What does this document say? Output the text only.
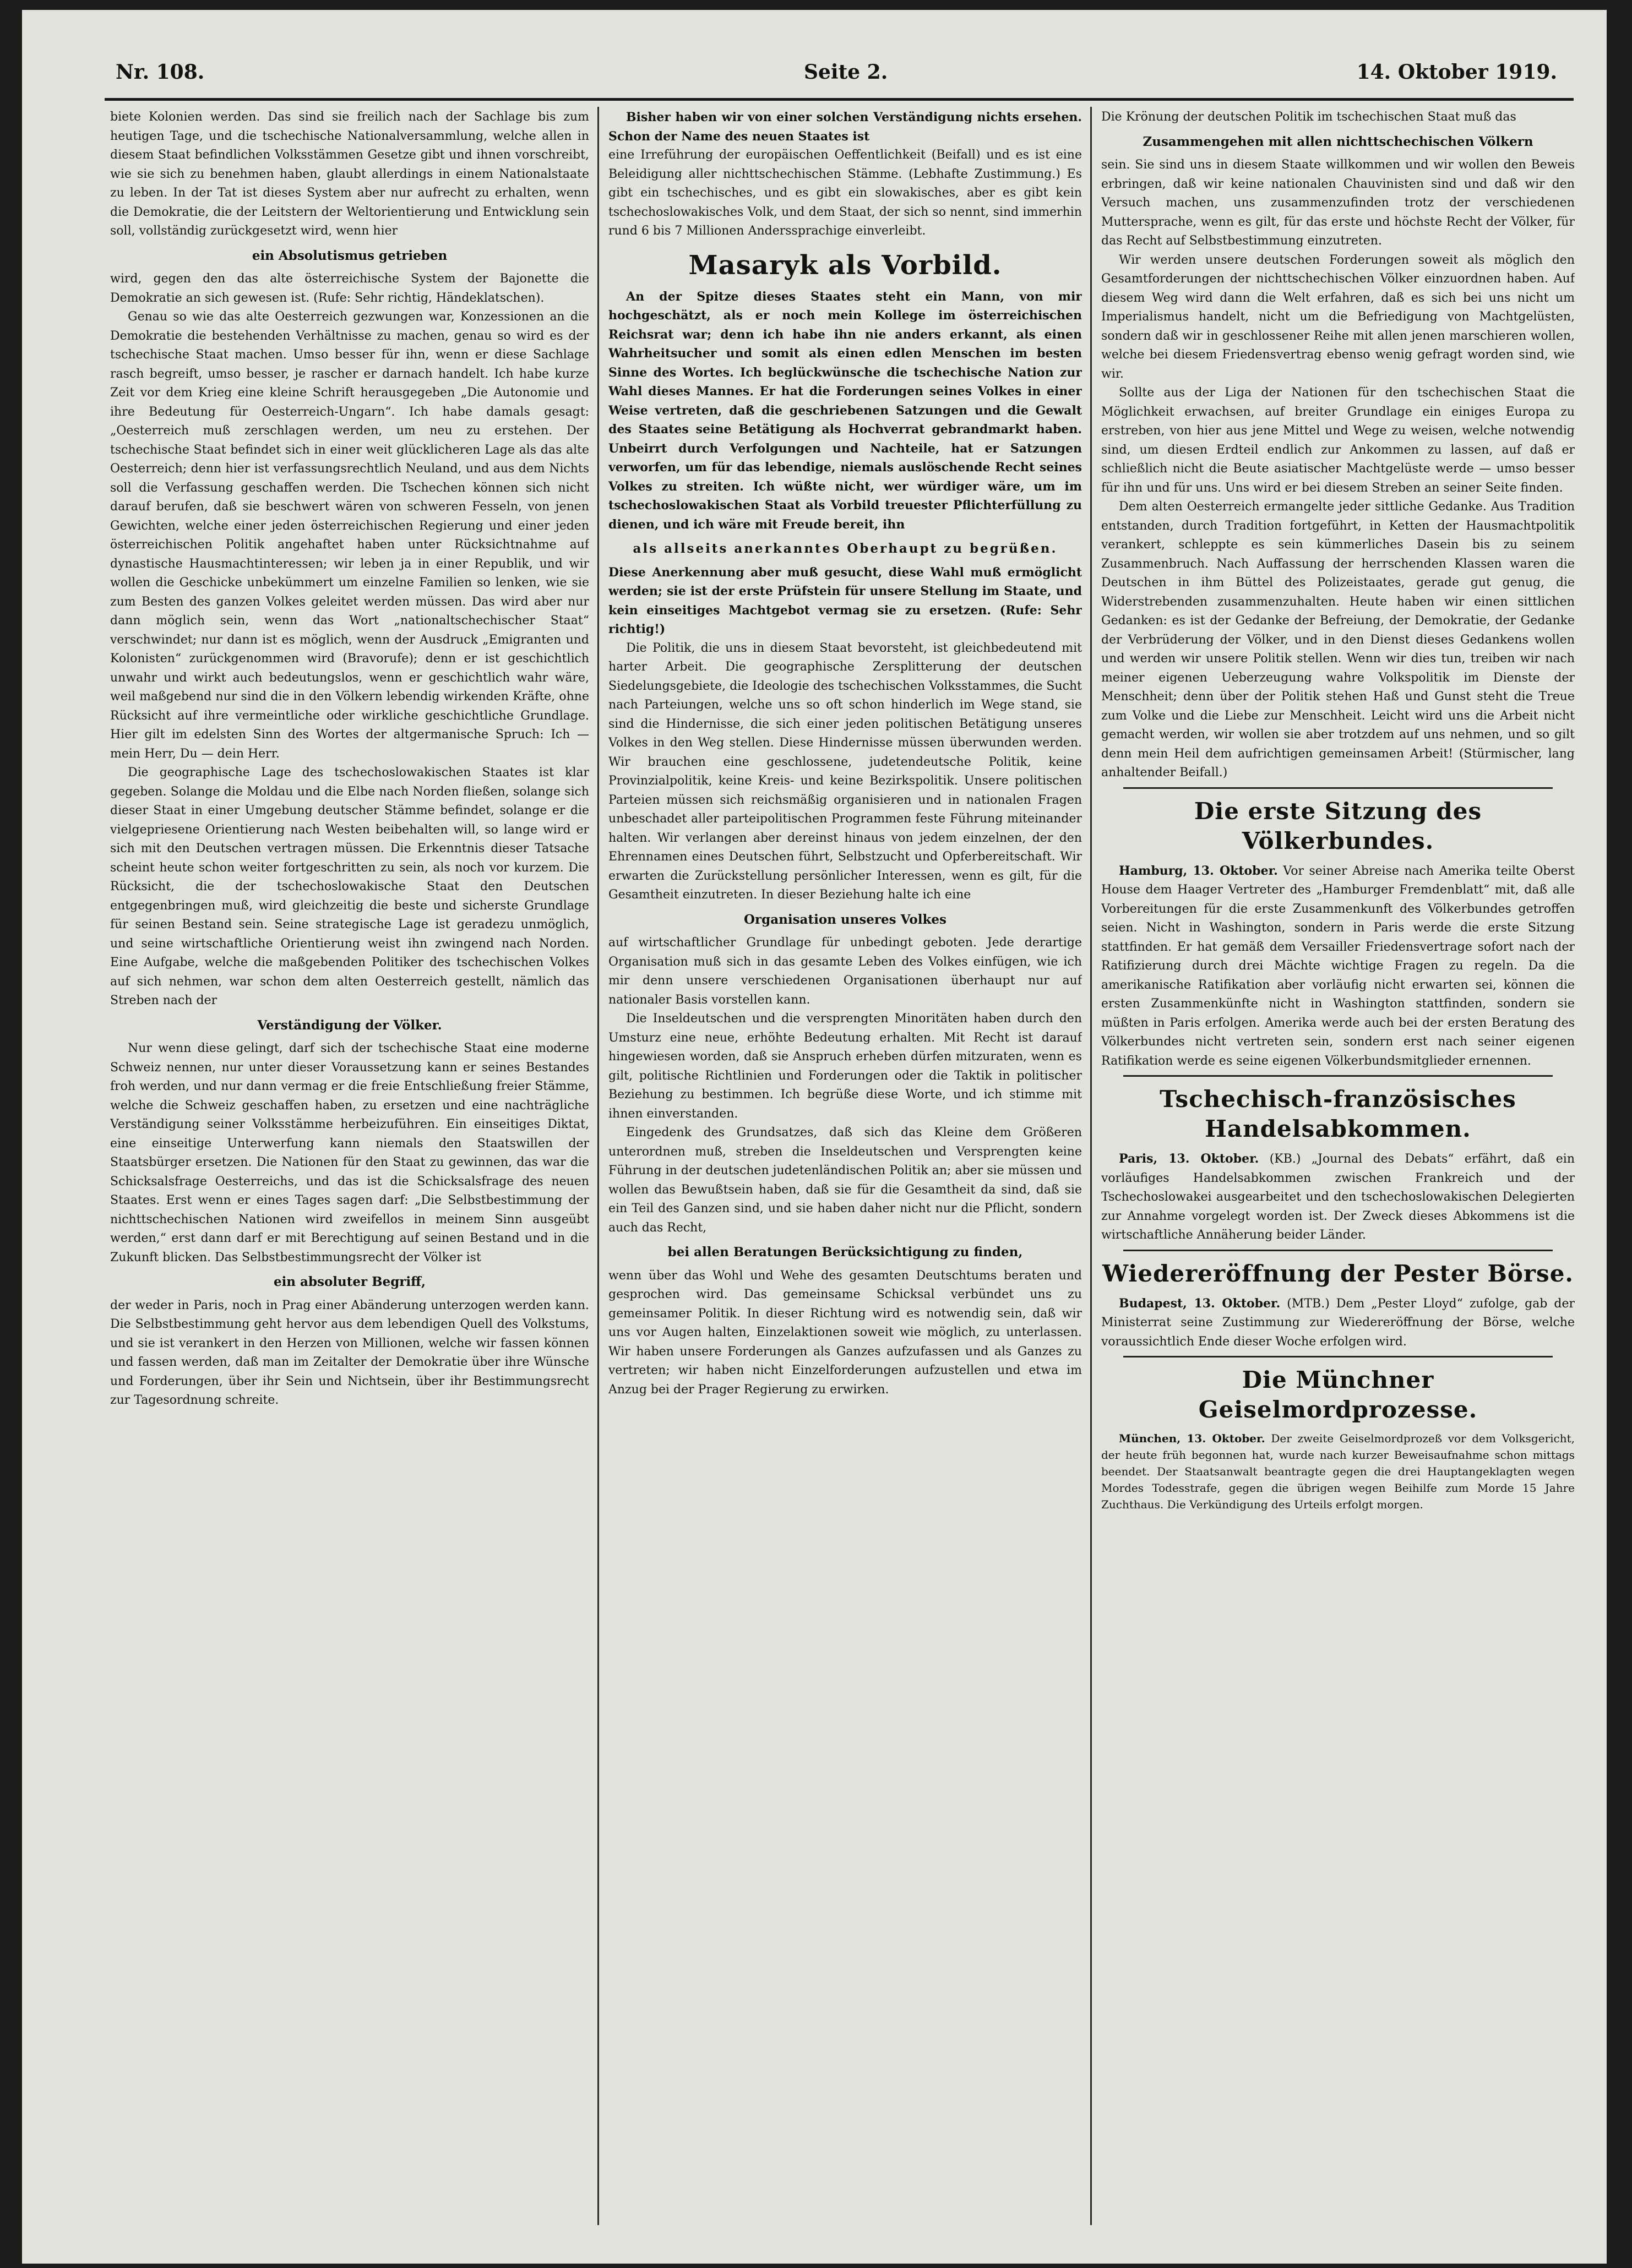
Nr. 108.	Seite 2.	14. Oktober 1919.

biete Kolonien werden. Das sind sie freilich nach der Sachlage bis zum heutigen Tage, und die tschechische Nationalversammlung, welche allen in diesem Staat befindlichen Volksstämmen Gesetze gibt und ihnen vorschreibt, wie sie sich zu benehmen haben, glaubt allerdings in einem Nationalstaate zu leben. In der Tat ist dieses System aber nur aufrecht zu erhalten, wenn die Demokratie, die der Leitstern der Weltorientierung und Entwicklung sein soll, vollständig zurückgesetzt wird, wenn hier

ein Absolutismus getrieben

wird, gegen den das alte österreichische System der Bajonette die Demokratie an sich gewesen ist. (Rufe: Sehr richtig, Händeklatschen).

Genau so wie das alte Oesterreich gezwungen war, Konzessionen an die Demokratie die bestehenden Verhältnisse zu machen, genau so wird es der tschechische Staat machen. Umso besser für ihn, wenn er diese Sachlage rasch begreift, umso besser, je rascher er darnach handelt. Ich habe kurze Zeit vor dem Krieg eine kleine Schrift herausgegeben „Die Autonomie und ihre Bedeutung für Oesterreich-Ungarn“. Ich habe damals gesagt: „Oesterreich muß zerschlagen werden, um neu zu erstehen. Der tschechische Staat befindet sich in einer weit glücklicheren Lage als das alte Oesterreich; denn hier ist verfassungsrechtlich Neuland, und aus dem Nichts soll die Verfassung geschaffen werden. Die Tschechen können sich nicht darauf berufen, daß sie beschwert wären von schweren Fesseln, von jenen Gewichten, welche einer jeden österreichischen Regierung und einer jeden österreichischen Politik angehaftet haben unter Rücksichtnahme auf dynastische Hausmachtinteressen; wir leben ja in einer Republik, und wir wollen die Geschicke unbekümmert um einzelne Familien so lenken, wie sie zum Besten des ganzen Volkes geleitet werden müssen. Das wird aber nur dann möglich sein, wenn das Wort „nationaltschechischer Staat“ verschwindet; nur dann ist es möglich, wenn der Ausdruck „Emigranten und Kolonisten“ zurückgenommen wird (Bravorufe); denn er ist geschichtlich unwahr und wirkt auch bedeutungslos, wenn er geschichtlich wahr wäre, weil maßgebend nur sind die in den Völkern lebendig wirkenden Kräfte, ohne Rücksicht auf ihre vermeintliche oder wirkliche geschichtliche Grundlage. Hier gilt im edelsten Sinn des Wortes der altgermanische Spruch: Ich — mein Herr, Du — dein Herr.

Die geographische Lage des tschechoslowakischen Staates ist klar gegeben. Solange die Moldau und die Elbe nach Norden fließen, solange sich dieser Staat in einer Umgebung deutscher Stämme befindet, solange er die vielgepriesene Orientierung nach Westen beibehalten will, so lange wird er sich mit den Deutschen vertragen müssen. Die Erkenntnis dieser Tatsache scheint heute schon weiter fortgeschritten zu sein, als noch vor kurzem. Die Rücksicht, die der tschechoslowakische Staat den Deutschen entgegenbringen muß, wird gleichzeitig die beste und sicherste Grundlage für seinen Bestand sein. Seine strategische Lage ist geradezu unmöglich, und seine wirtschaftliche Orientierung weist ihn zwingend nach Norden. Eine Aufgabe, welche die maßgebenden Politiker des tschechischen Volkes auf sich nehmen, war schon dem alten Oesterreich gestellt, nämlich das Streben nach der

Verständigung der Völker.

Nur wenn diese gelingt, darf sich der tschechische Staat eine moderne Schweiz nennen, nur unter dieser Voraussetzung kann er seines Bestandes froh werden, und nur dann vermag er die freie Entschließung freier Stämme, welche die Schweiz geschaffen haben, zu ersetzen und eine nachträgliche Verständigung seiner Volksstämme herbeizuführen. Ein einseitiges Diktat, eine einseitige Unterwerfung kann niemals den Staatswillen der Staatsbürger ersetzen. Die Nationen für den Staat zu gewinnen, das war die Schicksalsfrage Oesterreichs, und das ist die Schicksalsfrage des neuen Staates. Erst wenn er eines Tages sagen darf: „Die Selbstbestimmung der nichttschechischen Nationen wird zweifellos in meinem Sinn ausgeübt werden,“ erst dann darf er mit Berechtigung auf seinen Bestand und in die Zukunft blicken. Das Selbstbestimmungsrecht der Völker ist

ein absoluter Begriff,

der weder in Paris, noch in Prag einer Abänderung unterzogen werden kann. Die Selbstbestimmung geht hervor aus dem lebendigen Quell des Volkstums, und sie ist verankert in den Herzen von Millionen, welche wir fassen können und fassen werden, daß man im Zeitalter der Demokratie über ihre Wünsche und Forderungen, über ihr Sein und Nichtsein, über ihr Bestimmungsrecht zur Tagesordnung schreite.

Bisher haben wir von einer solchen Verständigung nichts ersehen. Schon der Name des neuen Staates ist

eine Irreführung der europäischen Oeffentlichkeit (Beifall) und es ist eine Beleidigung aller nichttschechischen Stämme. (Lebhafte Zustimmung.) Es gibt ein tschechisches, und es gibt ein slowakisches, aber es gibt kein tschechoslowakisches Volk, und dem Staat, der sich so nennt, sind immerhin rund 6 bis 7 Millionen Anderssprachige einverleibt.

Masaryk als Vorbild.

An der Spitze dieses Staates steht ein Mann, von mir hochgeschätzt, als er noch mein Kollege im österreichischen Reichsrat war; denn ich habe ihn nie anders erkannt, als einen Wahrheitsucher und somit als einen edlen Menschen im besten Sinne des Wortes. Ich beglückwünsche die tschechische Nation zur Wahl dieses Mannes. Er hat die Forderungen seines Volkes in einer Weise vertreten, daß die geschriebenen Satzungen und die Gewalt des Staates seine Betätigung als Hochverrat gebrandmarkt haben. Unbeirrt durch Verfolgungen und Nachteile, hat er Satzungen verworfen, um für das lebendige, niemals auslöschende Recht seines Volkes zu streiten. Ich wüßte nicht, wer würdiger wäre, um im tschechoslowakischen Staat als Vorbild treuester Pflichterfüllung zu dienen, und ich wäre mit Freude bereit, ihn

als allseits anerkanntes Oberhaupt zu begrüßen.

Diese Anerkennung aber muß gesucht, diese Wahl muß ermöglicht werden; sie ist der erste Prüfstein für unsere Stellung im Staate, und kein einseitiges Machtgebot vermag sie zu ersetzen. (Rufe: Sehr richtig!)

Die Politik, die uns in diesem Staat bevorsteht, ist gleichbedeutend mit harter Arbeit. Die geographische Zersplitterung der deutschen Siedelungsgebiete, die Ideologie des tschechischen Volksstammes, die Sucht nach Parteiungen, welche uns so oft schon hinderlich im Wege stand, sie sind die Hindernisse, die sich einer jeden politischen Betätigung unseres Volkes in den Weg stellen. Diese Hindernisse müssen überwunden werden. Wir brauchen eine geschlossene, judetendeutsche Politik, keine Provinzialpolitik, keine Kreis- und keine Bezirkspolitik. Unsere politischen Parteien müssen sich reichsmäßig organisieren und in nationalen Fragen unbeschadet aller parteipolitischen Programmen feste Führung miteinander halten. Wir verlangen aber dereinst hinaus von jedem einzelnen, der den Ehrennamen eines Deutschen führt, Selbstzucht und Opferbereitschaft. Wir erwarten die Zurückstellung persönlicher Interessen, wenn es gilt, für die Gesamtheit einzutreten. In dieser Beziehung halte ich eine

Organisation unseres Volkes

auf wirtschaftlicher Grundlage für unbedingt geboten. Jede derartige Organisation muß sich in das gesamte Leben des Volkes einfügen, wie ich mir denn unsere verschiedenen Organisationen überhaupt nur auf nationaler Basis vorstellen kann.

Die Inseldeutschen und die versprengten Minoritäten haben durch den Umsturz eine neue, erhöhte Bedeutung erhalten. Mit Recht ist darauf hingewiesen worden, daß sie Anspruch erheben dürfen mitzuraten, wenn es gilt, politische Richtlinien und Forderungen oder die Taktik in politischer Beziehung zu bestimmen. Ich begrüße diese Worte, und ich stimme mit ihnen einverstanden.

Eingedenk des Grundsatzes, daß sich das Kleine dem Größeren unterordnen muß, streben die Inseldeutschen und Versprengten keine Führung in der deutschen judetenländischen Politik an; aber sie müssen und wollen das Bewußtsein haben, daß sie für die Gesamtheit da sind, daß sie ein Teil des Ganzen sind, und sie haben daher nicht nur die Pflicht, sondern auch das Recht,

bei allen Beratungen Berücksichtigung zu finden,

wenn über das Wohl und Wehe des gesamten Deutschtums beraten und gesprochen wird. Das gemeinsame Schicksal verbündet uns zu gemeinsamer Politik. In dieser Richtung wird es notwendig sein, daß wir uns vor Augen halten, Einzelaktionen soweit wie möglich, zu unterlassen. Wir haben unsere Forderungen als Ganzes aufzufassen und als Ganzes zu vertreten; wir haben nicht Einzelforderungen aufzustellen und etwa im Anzug bei der Prager Regierung zu erwirken.

Die Krönung der deutschen Politik im tschechischen Staat muß das

Zusammengehen mit allen nichttschechischen Völkern

sein. Sie sind uns in diesem Staate willkommen und wir wollen den Beweis erbringen, daß wir keine nationalen Chauvinisten sind und daß wir den Versuch machen, uns zusammenzufinden trotz der verschiedenen Muttersprache, wenn es gilt, für das erste und höchste Recht der Völker, für das Recht auf Selbstbestimmung einzutreten.

Wir werden unsere deutschen Forderungen soweit als möglich den Gesamtforderungen der nichttschechischen Völker einzuordnen haben. Auf diesem Weg wird dann die Welt erfahren, daß es sich bei uns nicht um Imperialismus handelt, nicht um die Befriedigung von Machtgelüsten, sondern daß wir in geschlossener Reihe mit allen jenen marschieren wollen, welche bei diesem Friedensvertrag ebenso wenig gefragt worden sind, wie wir.

Sollte aus der Liga der Nationen für den tschechischen Staat die Möglichkeit erwachsen, auf breiter Grundlage ein einiges Europa zu erstreben, von hier aus jene Mittel und Wege zu weisen, welche notwendig sind, um diesen Erdteil endlich zur Ankommen zu lassen, auf daß er schließlich nicht die Beute asiatischer Machtgelüste werde — umso besser für ihn und für uns. Uns wird er bei diesem Streben an seiner Seite finden.

Dem alten Oesterreich ermangelte jeder sittliche Gedanke. Aus Tradition entstanden, durch Tradition fortgeführt, in Ketten der Hausmachtpolitik verankert, schleppte es sein kümmerliches Dasein bis zu seinem Zusammenbruch. Nach Auffassung der herrschenden Klassen waren die Deutschen in ihm Büttel des Polizeistaates, gerade gut genug, die Widerstrebenden zusammenzuhalten. Heute haben wir einen sittlichen Gedanken: es ist der Gedanke der Befreiung, der Demokratie, der Gedanke der Verbrüderung der Völker, und in den Dienst dieses Gedankens wollen und werden wir unsere Politik stellen. Wenn wir dies tun, treiben wir nach meiner eigenen Ueberzeugung wahre Volkspolitik im Dienste der Menschheit; denn über der Politik stehen Haß und Gunst steht die Treue zum Volke und die Liebe zur Menschheit. Leicht wird uns die Arbeit nicht gemacht werden, wir wollen sie aber trotzdem auf uns nehmen, und so gilt denn mein Heil dem aufrichtigen gemeinsamen Arbeit! (Stürmischer, lang anhaltender Beifall.)

Die erste Sitzung des Völkerbundes.

Hamburg, 13. Oktober. Vor seiner Abreise nach Amerika teilte Oberst House dem Haager Vertreter des „Hamburger Fremdenblatt“ mit, daß alle Vorbereitungen für die erste Zusammenkunft des Völkerbundes getroffen seien. Nicht in Washington, sondern in Paris werde die erste Sitzung stattfinden. Er hat gemäß dem Versailler Friedensvertrage sofort nach der Ratifizierung durch drei Mächte wichtige Fragen zu regeln. Da die amerikanische Ratifikation aber vorläufig nicht erwarten sei, können die ersten Zusammenkünfte nicht in Washington stattfinden, sondern sie müßten in Paris erfolgen. Amerika werde auch bei der ersten Beratung des Völkerbundes nicht vertreten sein, sondern erst nach seiner eigenen Ratifikation werde es seine eigenen Völkerbundsmitglieder ernennen.

Tschechisch-französisches Handelsabkommen.

Paris, 13. Oktober. (KB.) „Journal des Debats“ erfährt, daß ein vorläufiges Handelsabkommen zwischen Frankreich und der Tschechoslowakei ausgearbeitet und den tschechoslowakischen Delegierten zur Annahme vorgelegt worden ist. Der Zweck dieses Abkommens ist die wirtschaftliche Annäherung beider Länder.

Wiedereröffnung der Pester Börse.

Budapest, 13. Oktober. (MTB.) Dem „Pester Lloyd“ zufolge, gab der Ministerrat seine Zustimmung zur Wiedereröffnung der Börse, welche voraussichtlich Ende dieser Woche erfolgen wird.

Die Münchner Geiselmordprozesse.

München, 13. Oktober. Der zweite Geiselmordprozeß vor dem Volksgericht, der heute früh begonnen hat, wurde nach kurzer Beweisaufnahme schon mittags beendet. Der Staatsanwalt beantragte gegen die drei Hauptangeklagten wegen Mordes Todesstrafe, gegen die übrigen wegen Beihilfe zum Morde 15 Jahre Zuchthaus. Die Verkündigung des Urteils erfolgt morgen.
